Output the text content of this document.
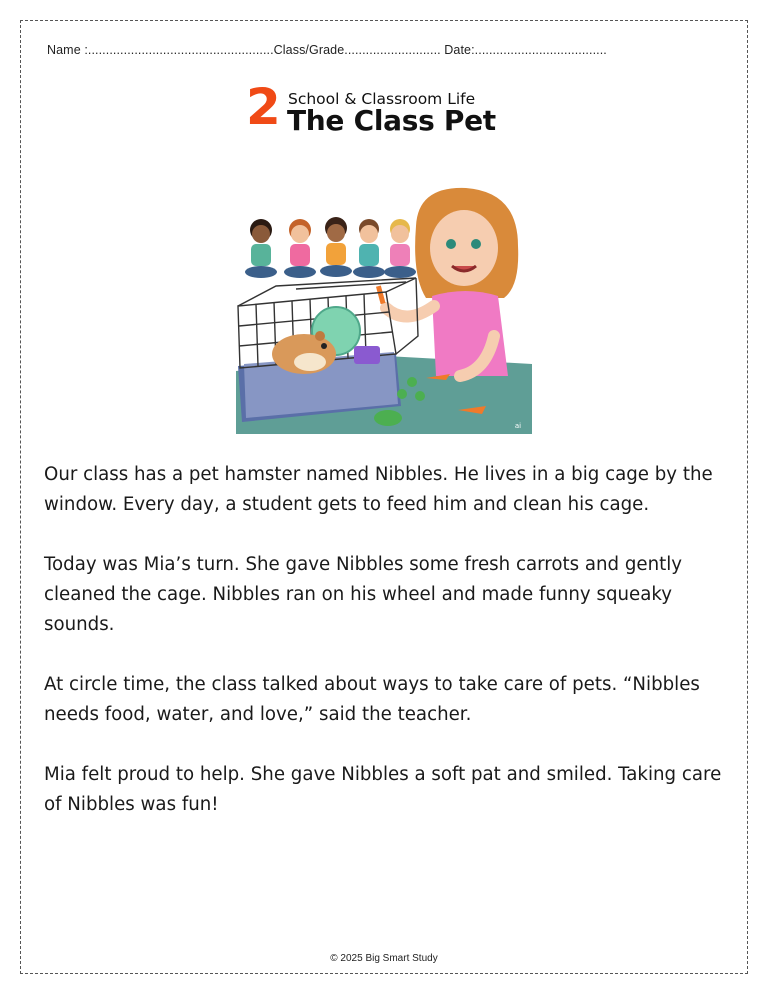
Name :....................................................Class/Grade........................... Date:.....................................
2 School & Classroom Life
The Class Pet
ai

Our class has a pet hamster named Nibbles. He lives in a big cage by the window. Every day, a student gets to feed him and clean his cage.

Today was Mia’s turn. She gave Nibbles some fresh carrots and gently cleaned the cage. Nibbles ran on his wheel and made funny squeaky sounds.

At circle time, the class talked about ways to take care of pets. “Nibbles needs food, water, and love,” said the teacher.

Mia felt proud to help. She gave Nibbles a soft pat and smiled. Taking care of Nibbles was fun!

© 2025 Big Smart Study
